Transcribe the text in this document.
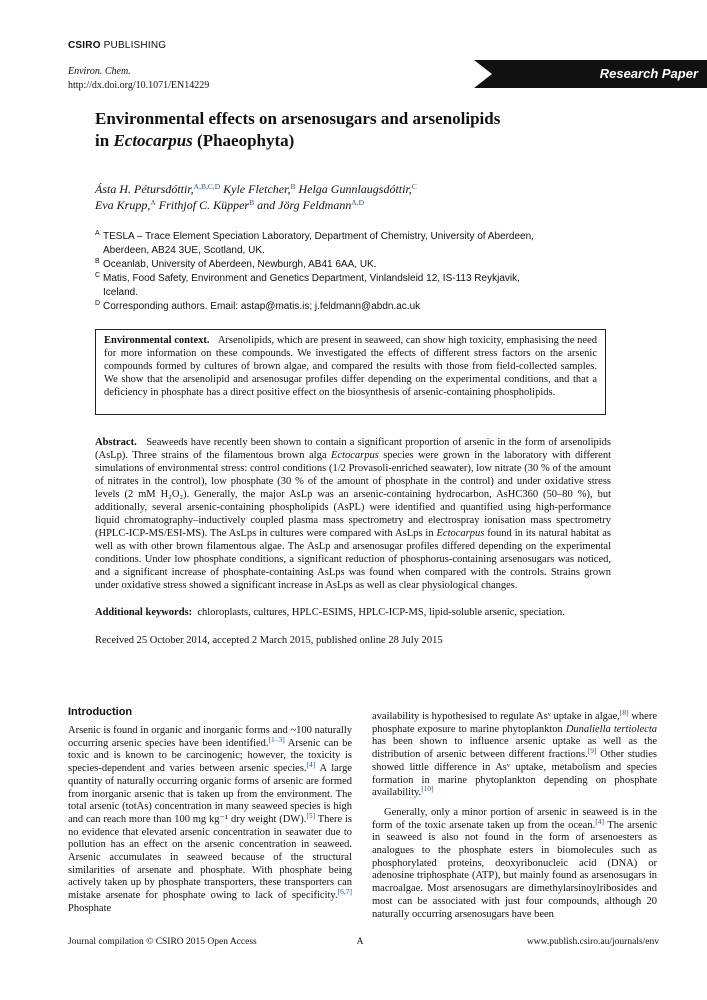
CSIRO PUBLISHING
Environ. Chem.
http://dx.doi.org/10.1071/EN14229
Research Paper
Environmental effects on arsenosugars and arsenolipids
in Ectocarpus (Phaeophyta)
Ásta H. Pétursdóttir,$^{A,B,C,D}$ Kyle Fletcher,$^B$ Helga Gunnlaugsdóttir,$^C$
Eva Krupp,$^A$ Frithjof C. Küpper$^B$ and Jörg Feldmann$^{A,D}$
A TESLA – Trace Element Speciation Laboratory, Department of Chemistry, University of Aberdeen,
Aberdeen, AB24 3UE, Scotland, UK.
B Oceanlab, University of Aberdeen, Newburgh, AB41 6AA, UK.
C Matis, Food Safety, Environment and Genetics Department, Vinlandsleid 12, IS-113 Reykjavik,
Iceland.
D Corresponding authors. Email: astap@matis.is; j.feldmann@abdn.ac.uk

Environmental context. Arsenolipids, which are present in seaweed, can show high toxicity, emphasising the need for more information on these compounds. We investigated the effects of different stress factors on the arsenic compounds formed by cultures of brown algae, and compared the results with those from field-collected samples. We show that the arsenolipid and arsenosugar profiles differ depending on the experimental conditions, and that a deficiency in phosphate has a direct positive effect on the biosynthesis of arsenic-containing phospholipids.

Abstract. Seaweeds have recently been shown to contain a significant proportion of arsenic in the form of arsenolipids (AsLp). Three strains of the filamentous brown alga Ectocarpus species were grown in the laboratory with different simulations of environmental stress: control conditions (1/2 Provasoli-enriched seawater), low nitrate (30 % of the amount of nitrates in the control), low phosphate (30 % of the amount of phosphate in the control) and under oxidative stress levels (2 mM H₂O₂). Generally, the major AsLp was an arsenic-containing hydrocarbon, AsHC360 (50–80 %), but additionally, several arsenic-containing phospholipids (AsPL) were identified and quantified using high-performance liquid chromatography–inductively coupled plasma mass spectrometry and electrospray ionisation mass spectrometry (HPLC-ICP-MS/ESI-MS). The AsLps in cultures were compared with AsLps in Ectocarpus found in its natural habitat as well as with other brown filamentous algae. The AsLp and arsenosugar profiles differed depending on the experimental conditions. Under low phosphate conditions, a significant reduction of phosphorus-containing arsenosugars was noticed, and a significant increase of phosphate-containing AsLps was found when compared with the controls. Strains grown under oxidative stress showed a significant increase in AsLps as well as clear physiological changes.

Additional keywords: chloroplasts, cultures, HPLC-ESIMS, HPLC-ICP-MS, lipid-soluble arsenic, speciation.
Received 25 October 2014, accepted 2 March 2015, published online 28 July 2015
Introduction

Arsenic is found in organic and inorganic forms and ~100 naturally occurring arsenic species have been identified.[1–3] Arsenic can be toxic and is known to be carcinogenic; however, the toxicity is species-dependent and varies between arsenic species.[4] A large quantity of naturally occurring organic forms of arsenic are formed from inorganic arsenic that is taken up from the environment. The total arsenic (totAs) concentration in many seaweed species is high and can reach more than 100 mg kg⁻¹ dry weight (DW).[5] There is no evidence that elevated arsenic concentration in seawater due to pollution has an effect on the arsenic concentration in seaweed. Arsenic accumulates in seaweed because of the structural similarities of arsenate and phosphate. With phosphate being actively taken up by phosphate transporters, these transporters can mistake arsenate for phosphate owing to lack of specificity.[6,7] Phosphate

availability is hypothesised to regulate Asᵛ uptake in algae,[8] where phosphate exposure to marine phytoplankton Dunaliella tertiolecta has been shown to influence arsenic uptake as well as the distribution of arsenic between different fractions.[9] Other studies showed little difference in Asᵛ uptake, metabolism and species formation in marine phytoplankton depending on phosphate availability.[10]

Generally, only a minor portion of arsenic in seaweed is in the form of the toxic arsenate taken up from the ocean.[4] The arsenic in seaweed is also not found in the form of arsenoesters as analogues to the phosphate esters in biomolecules such as phosphorylated proteins, deoxyribonucleic acid (DNA) or adenosine triphosphate (ATP), but mainly found as arsenosugars in macroalgae. Most arsenosugars are dimethylarsinoylribosides and most can be associated with just four compounds, although 20 naturally occurring arsenosugars have been

Journal compilation © CSIRO 2015 Open Access	A	www.publish.csiro.au/journals/env
